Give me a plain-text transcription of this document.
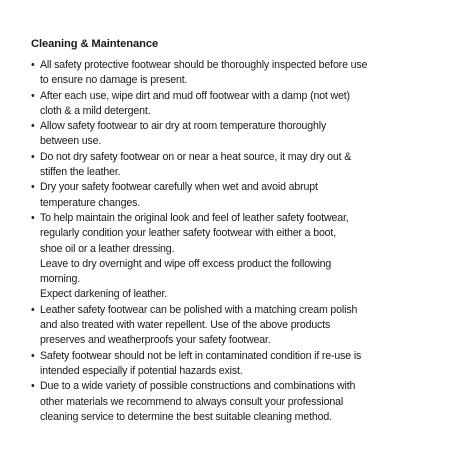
Cleaning & Maintenance
• All safety protective footwear should be thoroughly inspected before use
to ensure no damage is present.
• After each use, wipe dirt and mud off footwear with a damp (not wet)
cloth & a mild detergent.
• Allow safety footwear to air dry at room temperature thoroughly
between use.
• Do not dry safety footwear on or near a heat source, it may dry out &
stiffen the leather.
• Dry your safety footwear carefully when wet and avoid abrupt
temperature changes.
• To help maintain the original look and feel of leather safety footwear,
regularly condition your leather safety footwear with either a boot,
shoe oil or a leather dressing.
Leave to dry overnight and wipe off excess product the following
morning.
Expect darkening of leather.
• Leather safety footwear can be polished with a matching cream polish
and also treated with water repellent. Use of the above products
preserves and weatherproofs your safety footwear.
• Safety footwear should not be left in contaminated condition if re-use is
intended especially if potential hazards exist.
• Due to a wide variety of possible constructions and combinations with
other materials we recommend to always consult your professional
cleaning service to determine the best suitable cleaning method.
